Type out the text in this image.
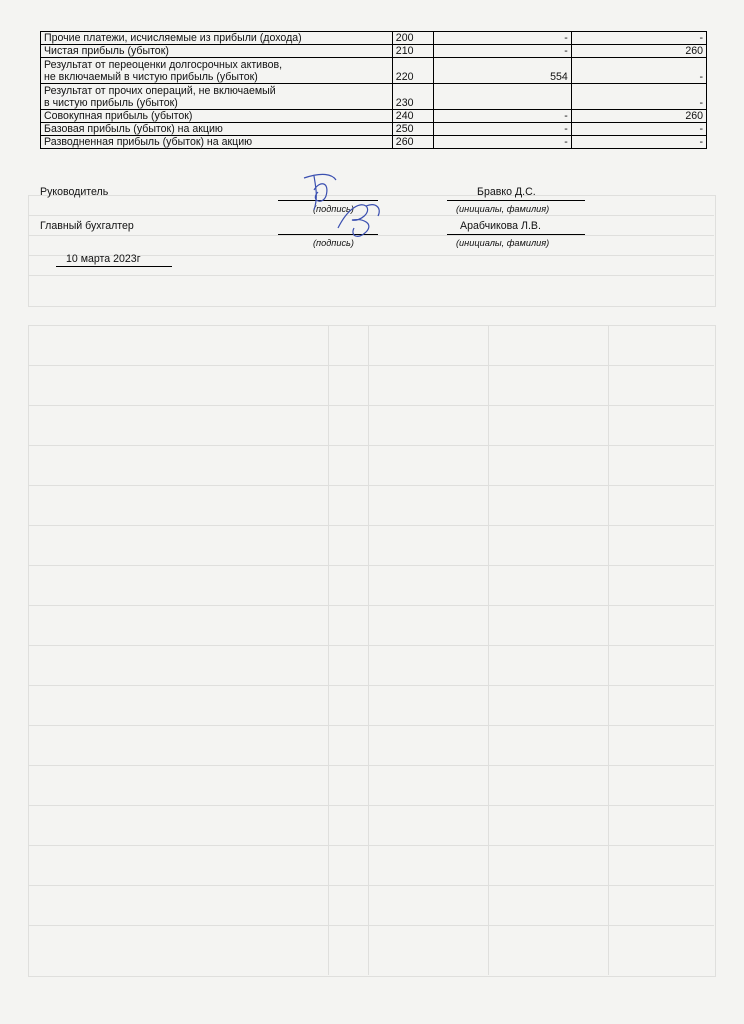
Прочие платежи, исчисляемые из прибыли (дохода)	200	-	-

Чистая прибыль (убыток)	210	-	260

Результат от переоценки долгосрочных активов,
не включаемый в чистую прибыль (убыток)	220	554	-

Результат от прочих операций, не включаемый
в чистую прибыль (убыток)	230		-

Совокупная прибыль (убыток)	240	-	260

Базовая прибыль (убыток) на акцию	250	-	-

Разводненная прибыль (убыток) на акцию	260	-	-
Руководитель	Бравко Д.С.
(подпись)	(инициалы, фамилия)
Главный бухгалтер	Арабчикова Л.В.
(подпись)	(инициалы, фамилия)
10 марта 2023г
